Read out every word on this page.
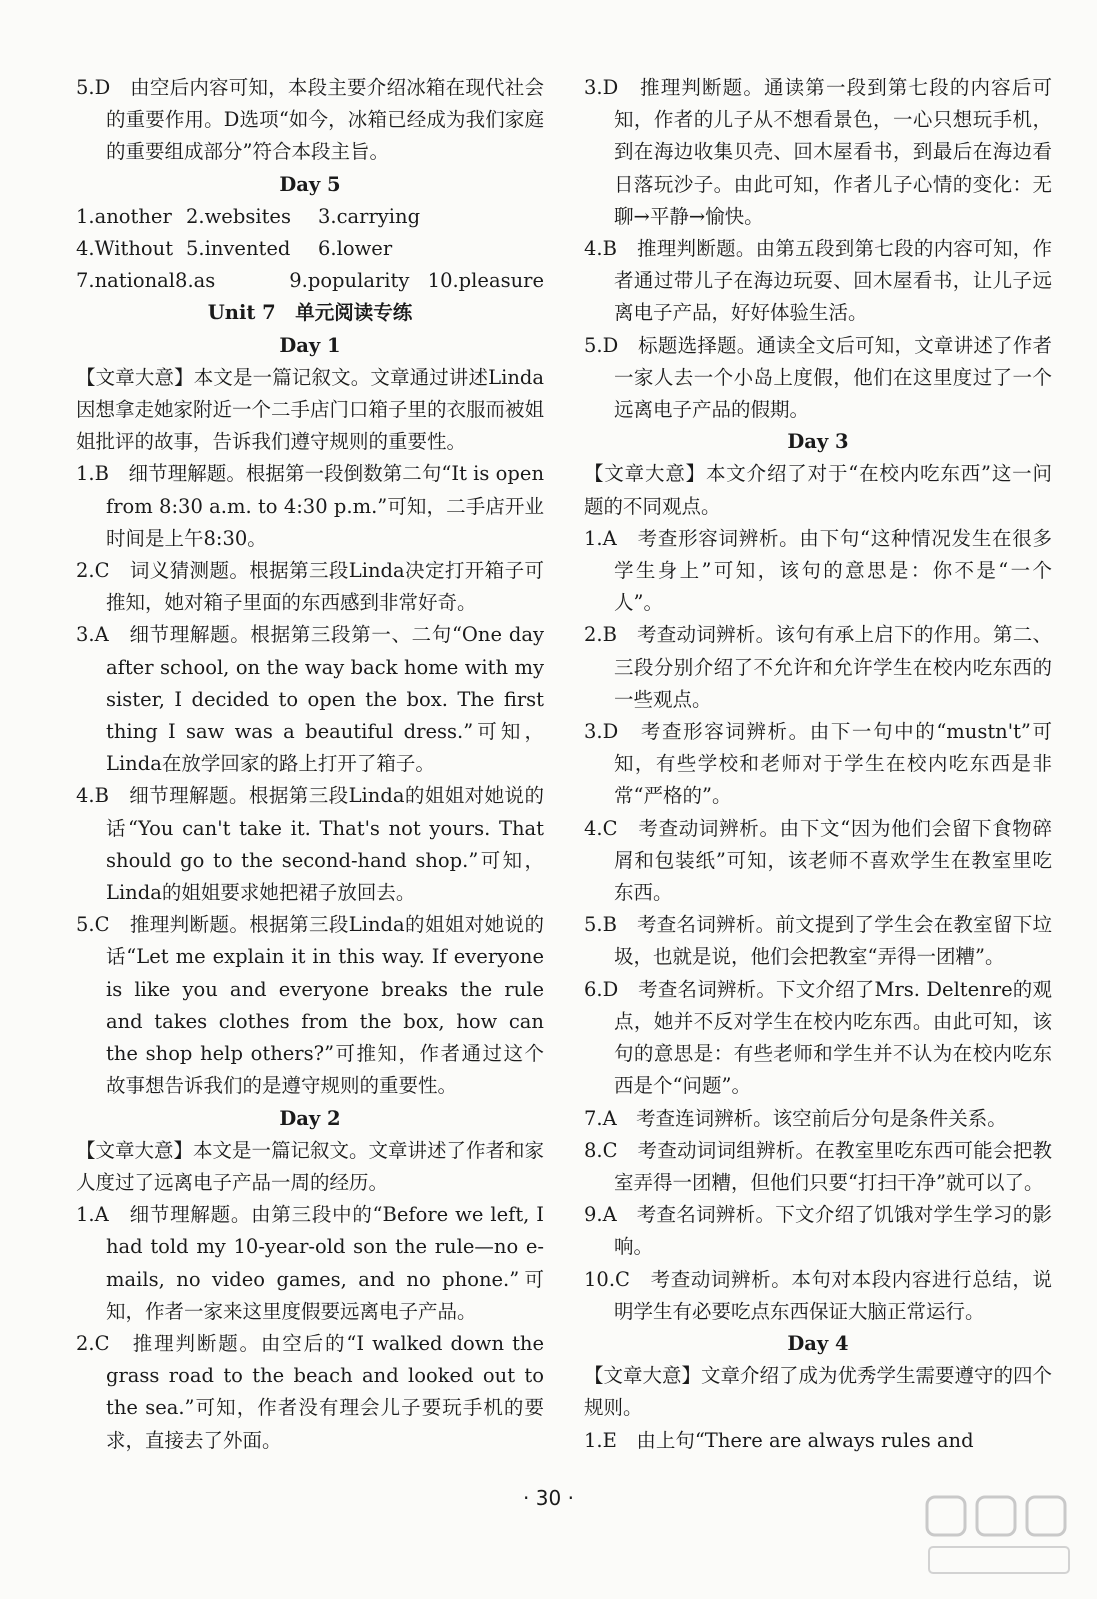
5.D　由空后内容可知，本段主要介绍冰箱在现代社会的重要作用。D选项“如今，冰箱已经成为我们家庭的重要组成部分”符合本段主旨。
Day 5
1.another 2.websites	3.carrying
4.Without 5.invented	6.lower
7.national 8.as	9.popularity 10.pleasure
Unit 7　单元阅读专练
Day 1
【文章大意】本文是一篇记叙文。文章通过讲述Linda因想拿走她家附近一个二手店门口箱子里的衣服而被姐姐批评的故事，告诉我们遵守规则的重要性。
1.B　细节理解题。根据第一段倒数第二句“It is open from 8:30 a.m. to 4:30 p.m.”可知，二手店开业时间是上午8:30。
2.C　词义猜测题。根据第三段Linda决定打开箱子可推知，她对箱子里面的东西感到非常好奇。
3.A　细节理解题。根据第三段第一、二句“One day after school, on the way back home with my sister, I decided to open the box. The first thing I saw was a beautiful dress.”可知，Linda在放学回家的路上打开了箱子。
4.B　细节理解题。根据第三段Linda的姐姐对她说的话“You can't take it. That's not yours. That should go to the second-hand shop.”可知，Linda的姐姐要求她把裙子放回去。
5.C　推理判断题。根据第三段Linda的姐姐对她说的话“Let me explain it in this way. If everyone is like you and everyone breaks the rule and takes clothes from the box, how can the shop help others?”可推知，作者通过这个故事想告诉我们的是遵守规则的重要性。
Day 2
【文章大意】本文是一篇记叙文。文章讲述了作者和家人度过了远离电子产品一周的经历。
1.A　细节理解题。由第三段中的“Before we left, I had told my 10-year-old son the rule—no e-mails, no video games, and no phone.”可知，作者一家来这里度假要远离电子产品。
2.C　推理判断题。由空后的“I walked down the grass road to the beach and looked out to the sea.”可知，作者没有理会儿子要玩手机的要求，直接去了外面。
3.D　推理判断题。通读第一段到第七段的内容后可知，作者的儿子从不想看景色，一心只想玩手机，到在海边收集贝壳、回木屋看书，到最后在海边看日落玩沙子。由此可知，作者儿子心情的变化：无聊→平静→愉快。
4.B　推理判断题。由第五段到第七段的内容可知，作者通过带儿子在海边玩耍、回木屋看书，让儿子远离电子产品，好好体验生活。
5.D　标题选择题。通读全文后可知，文章讲述了作者一家人去一个小岛上度假，他们在这里度过了一个远离电子产品的假期。
Day 3
【文章大意】本文介绍了对于“在校内吃东西”这一问题的不同观点。
1.A　考查形容词辨析。由下句“这种情况发生在很多学生身上”可知，该句的意思是：你不是“一个人”。
2.B　考查动词辨析。该句有承上启下的作用。第二、三段分别介绍了不允许和允许学生在校内吃东西的一些观点。
3.D　考查形容词辨析。由下一句中的“mustn't”可知，有些学校和老师对于学生在校内吃东西是非常“严格的”。
4.C　考查动词辨析。由下文“因为他们会留下食物碎屑和包装纸”可知，该老师不喜欢学生在教室里吃东西。
5.B　考查名词辨析。前文提到了学生会在教室留下垃圾，也就是说，他们会把教室“弄得一团糟”。
6.D　考查名词辨析。下文介绍了Mrs. Deltenre的观点，她并不反对学生在校内吃东西。由此可知，该句的意思是：有些老师和学生并不认为在校内吃东西是个“问题”。
7.A　考查连词辨析。该空前后分句是条件关系。
8.C　考查动词词组辨析。在教室里吃东西可能会把教室弄得一团糟，但他们只要“打扫干净”就可以了。
9.A　考查名词辨析。下文介绍了饥饿对学生学习的影响。
10.C　考查动词辨析。本句对本段内容进行总结，说明学生有必要吃点东西保证大脑正常运行。
Day 4
【文章大意】文章介绍了成为优秀学生需要遵守的四个规则。
1.E　由上句“There are always rules and
· 30 ·
